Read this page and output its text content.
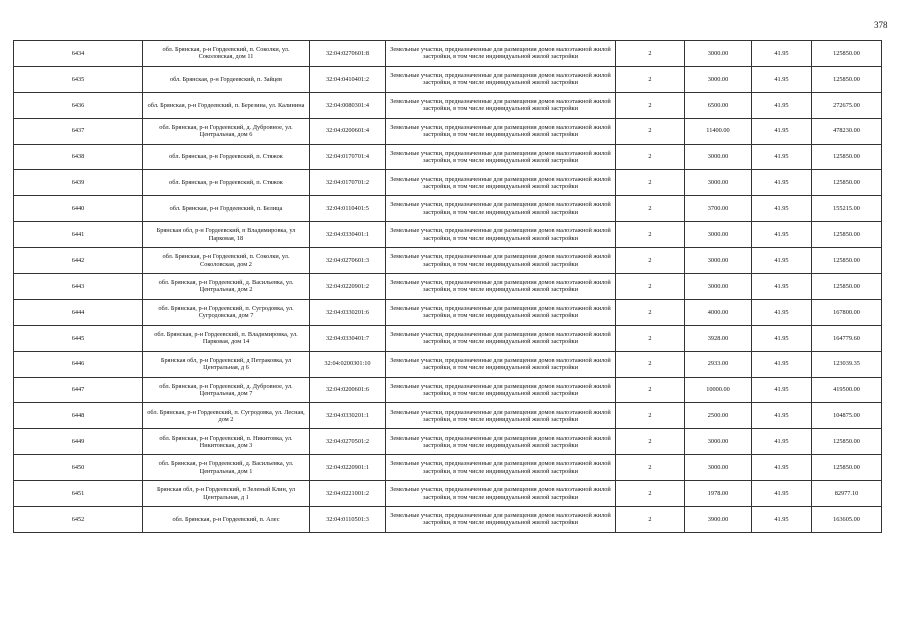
378
6434	обл. Брянская, р-н Гордеевский, п. Соколки, ул. Соколовская, дом 11	32:04:0270601:8	Земельные участки, предназначенные для размещения домов малоэтажной жилой застройки, в том числе индивидуальной жилой застройки	2	3000.00	41.95	125850.00
6435	обл. Брянская, р-н Гордеевский, п. Зайцев	32:04:0410401:2	Земельные участки, предназначенные для размещения домов малоэтажной жилой застройки, в том числе индивидуальной жилой застройки	2	3000.00	41.95	125850.00
6436	обл. Брянская, р-н Гордеевский, п. Березина, ул. Калинина	32:04:0080301:4	Земельные участки, предназначенные для размещения домов малоэтажной жилой застройки, в том числе индивидуальной жилой застройки	2	6500.00	41.95	272675.00
6437	обл. Брянская, р-н Гордеевский, д. Дубровное, ул. Центральная, дом 6	32:04:0200601:4	Земельные участки, предназначенные для размещения домов малоэтажной жилой застройки, в том числе индивидуальной жилой застройки	2	11400.00	41.95	478230.00
6438	обл. Брянская, р-н Гордеевский, п. Стяжок	32:04:0170701:4	Земельные участки, предназначенные для размещения домов малоэтажной жилой застройки, в том числе индивидуальной жилой застройки	2	3000.00	41.95	125850.00
6439	обл. Брянская, р-н Гордеевский, п. Стяжок	32:04:0170701:2	Земельные участки, предназначенные для размещения домов малоэтажной жилой застройки, в том числе индивидуальной жилой застройки	2	3000.00	41.95	125850.00
6440	обл. Брянская, р-н Гордеевский, п. Белица	32:04:0110401:5	Земельные участки, предназначенные для размещения домов малоэтажной жилой застройки, в том числе индивидуальной жилой застройки	2	3700.00	41.95	155215.00
6441	Брянская обл, р-н Гордеевский, п Владимировка, ул Парковая, 18	32:04:0330401:1	Земельные участки, предназначенные для размещения домов малоэтажной жилой застройки, в том числе индивидуальной жилой застройки	2	3000.00	41.95	125850.00
6442	обл. Брянская, р-н Гордеевский, п. Соколки, ул. Соколовская, дом 2	32:04:0270601:3	Земельные участки, предназначенные для размещения домов малоэтажной жилой застройки, в том числе индивидуальной жилой застройки	2	3000.00	41.95	125850.00
6443	обл. Брянская, р-н Гордеевский, д. Васильевка, ул. Центральная, дом 2	32:04:0220901:2	Земельные участки, предназначенные для размещения домов малоэтажной жилой застройки, в том числе индивидуальной жилой застройки	2	3000.00	41.95	125850.00
6444	обл. Брянская, р-н Гордеевский, п. Сугродовка, ул. Сугродовская, дом 7	32:04:0330201:6	Земельные участки, предназначенные для размещения домов малоэтажной жилой застройки, в том числе индивидуальной жилой застройки	2	4000.00	41.95	167800.00
6445	обл. Брянская, р-н Гордеевский, п. Владимировка, ул. Парковая, дом 14	32:04:0330401:7	Земельные участки, предназначенные для размещения домов малоэтажной жилой застройки, в том числе индивидуальной жилой застройки	2	3928.00	41.95	164779.60
6446	Брянская обл, р-н Гордеевский, д Петраковка, ул Центральная, д 6	32:04:0200301:10	Земельные участки, предназначенные для размещения домов малоэтажной жилой застройки, в том числе индивидуальной жилой застройки	2	2933.00	41.95	123039.35
6447	обл. Брянская, р-н Гордеевский, д. Дубровное, ул. Центральная, дом 7	32:04:0200601:6	Земельные участки, предназначенные для размещения домов малоэтажной жилой застройки, в том числе индивидуальной жилой застройки	2	10000.00	41.95	419500.00
6448	обл. Брянская, р-н Гордеевский, п. Сугродовка, ул. Лесная, дом 2	32:04:0330201:1	Земельные участки, предназначенные для размещения домов малоэтажной жилой застройки, в том числе индивидуальной жилой застройки	2	2500.00	41.95	104875.00
6449	обл. Брянская, р-н Гордеевский, п. Никитовка, ул. Никитовская, дом 3	32:04:0270501:2	Земельные участки, предназначенные для размещения домов малоэтажной жилой застройки, в том числе индивидуальной жилой застройки	2	3000.00	41.95	125850.00
6450	обл. Брянская, р-н Гордеевский, д. Васильевка, ул. Центральная, дом 1	32:04:0220901:1	Земельные участки, предназначенные для размещения домов малоэтажной жилой застройки, в том числе индивидуальной жилой застройки	2	3000.00	41.95	125850.00
6451	Брянская обл, р-н Гордеевский, п Зеленый Клин, ул Центральная, д 1	32:04:0221001:2	Земельные участки, предназначенные для размещения домов малоэтажной жилой застройки, в том числе индивидуальной жилой застройки	2	1978.00	41.95	82977.10
6452	обл. Брянская, р-н Гордеевский, п. Алес	32:04:0110501:3	Земельные участки, предназначенные для размещения домов малоэтажной жилой застройки, в том числе индивидуальной жилой застройки	2	3900.00	41.95	163605.00
